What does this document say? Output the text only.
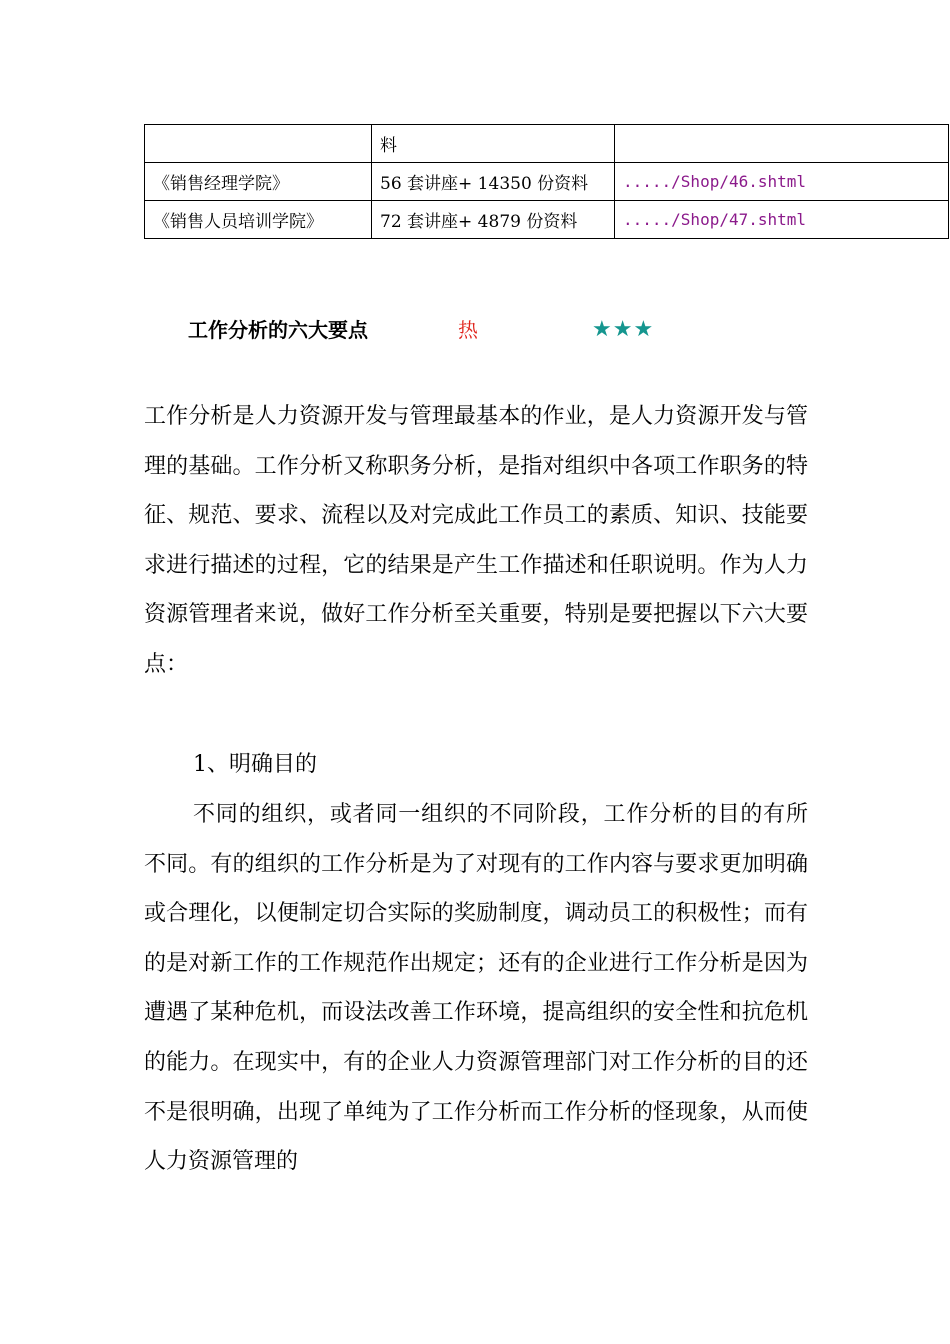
	料	
《销售经理学院》	56 套讲座+ 14350 份资料	...../Shop/46.shtml
《销售人员培训学院》	72 套讲座+ 4879 份资料	...../Shop/47.shtml
工作分析的六大要点	热	★★★

工作分析是人力资源开发与管理最基本的作业，是人力资源开发与管理的基础。工作分析又称职务分析，是指对组织中各项工作职务的特征、规范、要求、流程以及对完成此工作员工的素质、知识、技能要求进行描述的过程，它的结果是产生工作描述和任职说明。作为人力资源管理者来说，做好工作分析至关重要，特别是要把握以下六大要点：

1、明确目的

不同的组织，或者同一组织的不同阶段，工作分析的目的有所不同。有的组织的工作分析是为了对现有的工作内容与要求更加明确或合理化，以便制定切合实际的奖励制度，调动员工的积极性；而有的是对新工作的工作规范作出规定；还有的企业进行工作分析是因为遭遇了某种危机，而设法改善工作环境，提高组织的安全性和抗危机的能力。在现实中，有的企业人力资源管理部门对工作分析的目的还不是很明确，出现了单纯为了工作分析而工作分析的怪现象，从而使人力资源管理的
